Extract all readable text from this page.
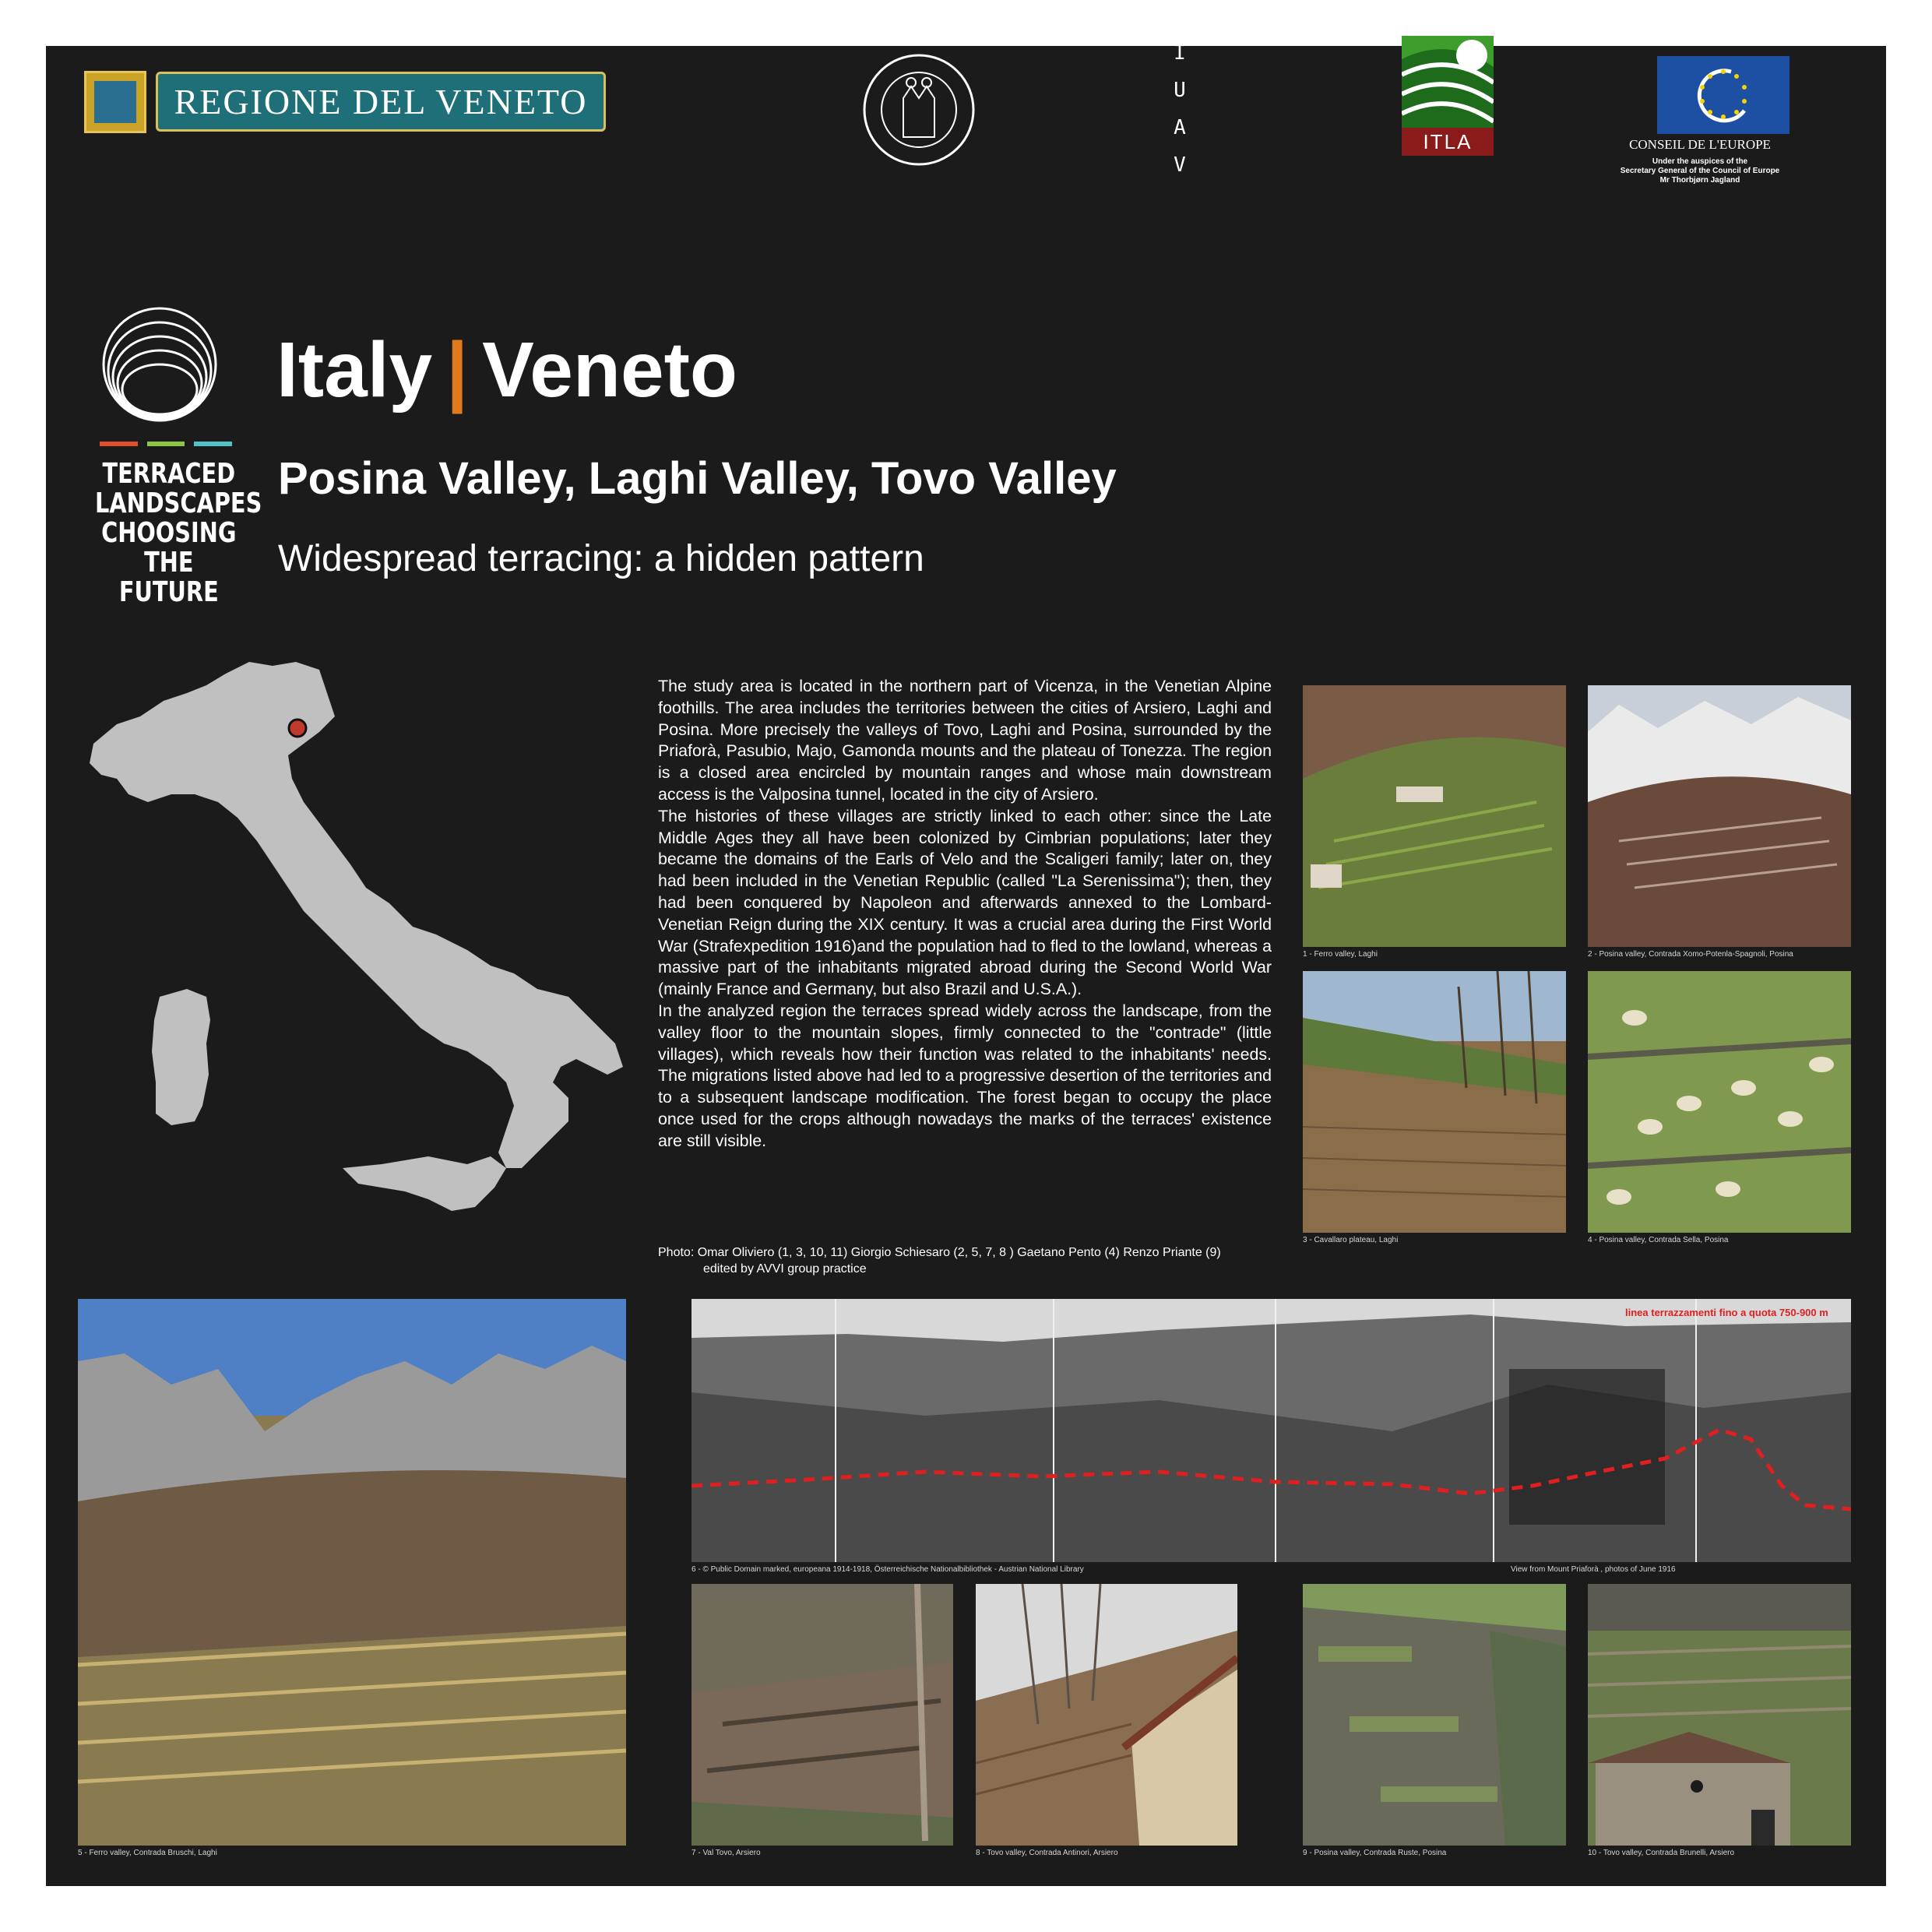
REGIONE DEL VENETO
I
U
A
V
ITLA
COUNCIL OF EUROPE
CONSEIL DE L'EUROPE
Under the auspices of the
Secretary General of the Council of Europe
Mr Thorbjørn Jagland
TERRACED
LANDSCAPES
CHOOSING
THE FUTURE
Italy | Veneto
Posina Valley, Laghi Valley, Tovo Valley
Widespread terracing: a hidden pattern

The study area is located in the northern part of Vicenza, in the Venetian Alpine foothills. The area includes the territories between the cities of Arsiero, Laghi and Posina. More precisely the valleys of Tovo, Laghi and Posina, surrounded by the Priaforà, Pasubio, Majo, Gamonda mounts and the plateau of Tonezza. The region is a closed area encircled by mountain ranges and whose main downstream access is the Valposina tunnel, located in the city of Arsiero.

The histories of these villages are strictly linked to each other: since the Late Middle Ages they all have been colonized by Cimbrian populations; later they became the domains of the Earls of Velo and the Scaligeri family; later on, they had been included in the Venetian Republic (called "La Serenissima"); then, they had been conquered by Napoleon and afterwards annexed to the Lombard-Venetian Reign during the XIX century. It was a crucial area during the First World War (Strafexpedition 1916)and the population had to fled to the lowland, whereas a massive part of the inhabitants migrated abroad during the Second World War (mainly France and Germany, but also Brazil and U.S.A.).

In the analyzed region the terraces spread widely across the landscape, from the valley floor to the mountain slopes, firmly connected to the "contrade" (little villages), which reveals how their function was related to the inhabitants' needs. The migrations listed above had led to a progressive desertion of the territories and to a subsequent landscape modification. The forest began to occupy the place once used for the crops although nowadays the marks of the terraces' existence are still visible.

Photo: Omar Oliviero (1, 3, 10, 11) Giorgio Schiesaro (2, 5, 7, 8 ) Gaetano Pento (4) Renzo Priante (9)
edited by AVVI group practice
1 - Ferro valley, Laghi	2 - Posina valley, Contrada Xomo-Potenla-Spagnoli, Posina
3 - Cavallaro plateau, Laghi	4 - Posina valley, Contrada Sella, Posina
5 - Ferro valley, Contrada Bruschi, Laghi
linea terrazzamenti fino a quota 750-900 m
6 - © Public Domain marked, europeana 1914-1918, Österreichische Nationalbibliothek - Austrian National Library	View from Mount Priaforà , photos of June 1916
7 - Val Tovo, Arsiero	8 - Tovo valley, Contrada Antinori, Arsiero	9 - Posina valley, Contrada Ruste, Posina	10 - Tovo valley, Contrada Brunelli, Arsiero
